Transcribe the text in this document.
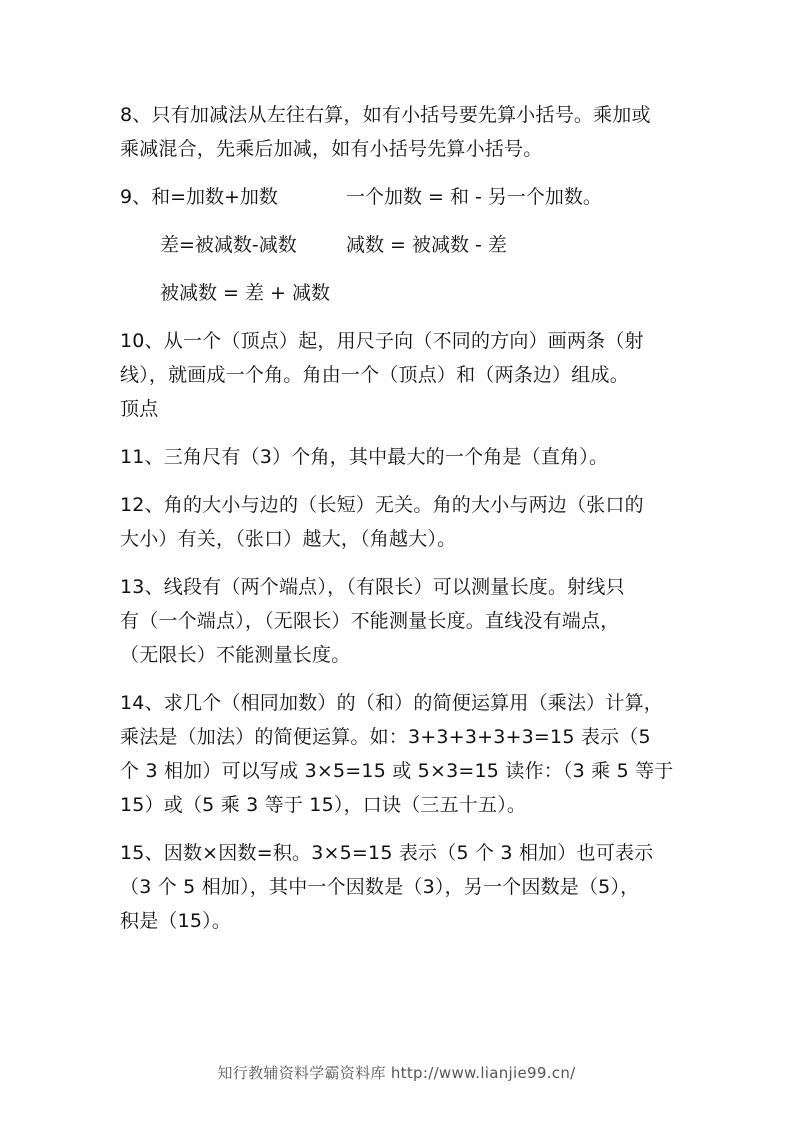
8、只有加减法从左往右算，如有小括号要先算小括号。乘加或
乘减混合，先乘后加减，如有小括号先算小括号。

9、和=加数+加数	一个加数 = 和 - 另一个加数。
差=被减数-减数	减数 = 被减数 - 差
被减数 = 差 + 减数

10、从一个（顶点）起，用尺子向（不同的方向）画两条（射
线），就画成一个角。角由一个（顶点）和（两条边）组成。
顶点

11、三角尺有（3）个角，其中最大的一个角是（直角）。

12、角的大小与边的（长短）无关。角的大小与两边（张口的
大小）有关，（张口）越大，（角越大）。

13、线段有（两个端点），（有限长）可以测量长度。射线只
有（一个端点），（无限长）不能测量长度。直线没有端点，
（无限长）不能测量长度。

14、求几个（相同加数）的（和）的简便运算用（乘法）计算，
乘法是（加法）的简便运算。如：3+3+3+3+3=15 表示（5
个 3 相加）可以写成 3×5=15 或 5×3=15 读作：（3 乘 5 等于
15）或（5 乘 3 等于 15），口诀（三五十五）。

15、因数×因数=积。3×5=15 表示（5 个 3 相加）也可表示
（3 个 5 相加），其中一个因数是（3），另一个因数是（5），
积是（15）。

知行教辅资料学霸资料库 http://www.lianjie99.cn/
